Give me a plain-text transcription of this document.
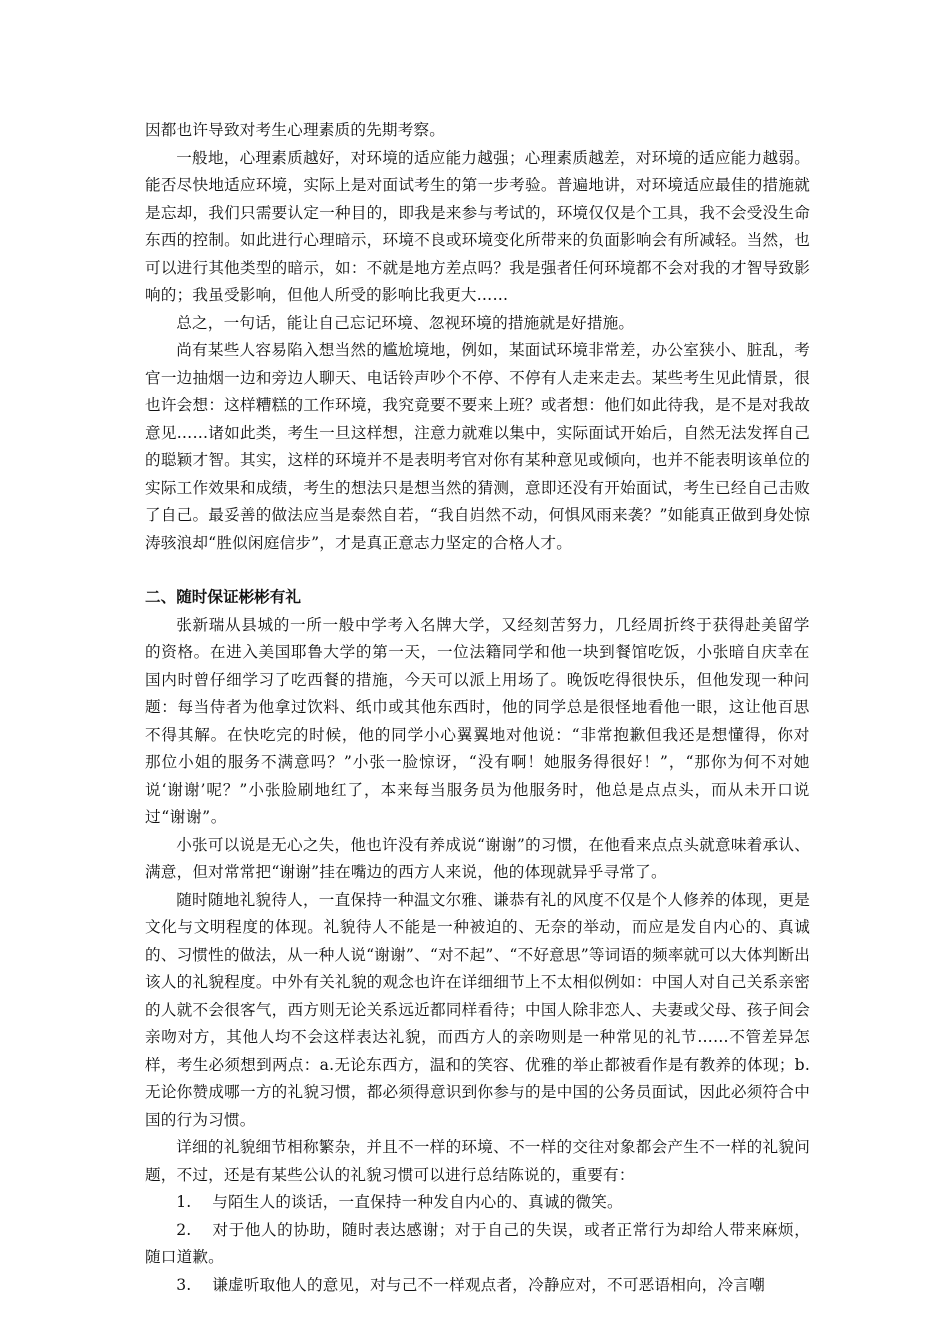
因都也许导致对考生心理素质的先期考察。

一般地，心理素质越好，对环境的适应能力越强；心理素质越差，对环境的适应能力越弱。能否尽快地适应环境，实际上是对面试考生的第一步考验。普遍地讲，对环境适应最佳的措施就是忘却，我们只需要认定一种目的，即我是来参与考试的，环境仅仅是个工具，我不会受没生命东西的控制。如此进行心理暗示，环境不良或环境变化所带来的负面影响会有所减轻。当然，也可以进行其他类型的暗示，如：不就是地方差点吗？我是强者任何环境都不会对我的才智导致影响的；我虽受影响，但他人所受的影响比我更大……

总之，一句话，能让自己忘记环境、忽视环境的措施就是好措施。

尚有某些人容易陷入想当然的尴尬境地，例如，某面试环境非常差，办公室狭小、脏乱，考官一边抽烟一边和旁边人聊天、电话铃声吵个不停、不停有人走来走去。某些考生见此情景，很也许会想：这样糟糕的工作环境，我究竟要不要来上班？或者想：他们如此待我，是不是对我故意见……诸如此类，考生一旦这样想，注意力就难以集中，实际面试开始后，自然无法发挥自己的聪颖才智。其实，这样的环境并不是表明考官对你有某种意见或倾向，也并不能表明该单位的实际工作效果和成绩，考生的想法只是想当然的猜测，意即还没有开始面试，考生已经自己击败了自己。最妥善的做法应当是泰然自若，“我自岿然不动，何惧风雨来袭？”如能真正做到身处惊涛骇浪却“胜似闲庭信步”，才是真正意志力坚定的合格人才。

二、随时保证彬彬有礼

张新瑞从县城的一所一般中学考入名牌大学，又经刻苦努力，几经周折终于获得赴美留学的资格。在进入美国耶鲁大学的第一天，一位法籍同学和他一块到餐馆吃饭，小张暗自庆幸在国内时曾仔细学习了吃西餐的措施，今天可以派上用场了。晚饭吃得很快乐，但他发现一种问题：每当侍者为他拿过饮料、纸巾或其他东西时，他的同学总是很怪地看他一眼，这让他百思不得其解。在快吃完的时候，他的同学小心翼翼地对他说：“非常抱歉但我还是想懂得，你对那位小姐的服务不满意吗？”小张一脸惊讶，“没有啊！她服务得很好！”，“那你为何不对她说‘谢谢’呢？”小张脸刷地红了，本来每当服务员为他服务时，他总是点点头，而从未开口说过“谢谢”。

小张可以说是无心之失，他也许没有养成说“谢谢”的习惯，在他看来点点头就意味着承认、满意，但对常常把“谢谢”挂在嘴边的西方人来说，他的体现就异乎寻常了。

随时随地礼貌待人，一直保持一种温文尔雅、谦恭有礼的风度不仅是个人修养的体现，更是文化与文明程度的体现。礼貌待人不能是一种被迫的、无奈的举动，而应是发自内心的、真诚的、习惯性的做法，从一种人说“谢谢”、“对不起”、“不好意思”等词语的频率就可以大体判断出该人的礼貌程度。中外有关礼貌的观念也许在详细细节上不太相似例如：中国人对自己关系亲密的人就不会很客气，西方则无论关系远近都同样看待；中国人除非恋人、夫妻或父母、孩子间会亲吻对方，其他人均不会这样表达礼貌，而西方人的亲吻则是一种常见的礼节……不管差异怎样，考生必须想到两点：a.无论东西方，温和的笑容、优雅的举止都被看作是有教养的体现；b.无论你赞成哪一方的礼貌习惯，都必须得意识到你参与的是中国的公务员面试，因此必须符合中国的行为习惯。

详细的礼貌细节相称繁杂，并且不一样的环境、不一样的交往对象都会产生不一样的礼貌问题，不过，还是有某些公认的礼貌习惯可以进行总结陈说的，重要有：

1. 与陌生人的谈话，一直保持一种发自内心的、真诚的微笑。

2. 对于他人的协助，随时表达感谢；对于自己的失误，或者正常行为却给人带来麻烦，随口道歉。

3. 谦虚听取他人的意见，对与己不一样观点者，冷静应对，不可恶语相向，冷言嘲
